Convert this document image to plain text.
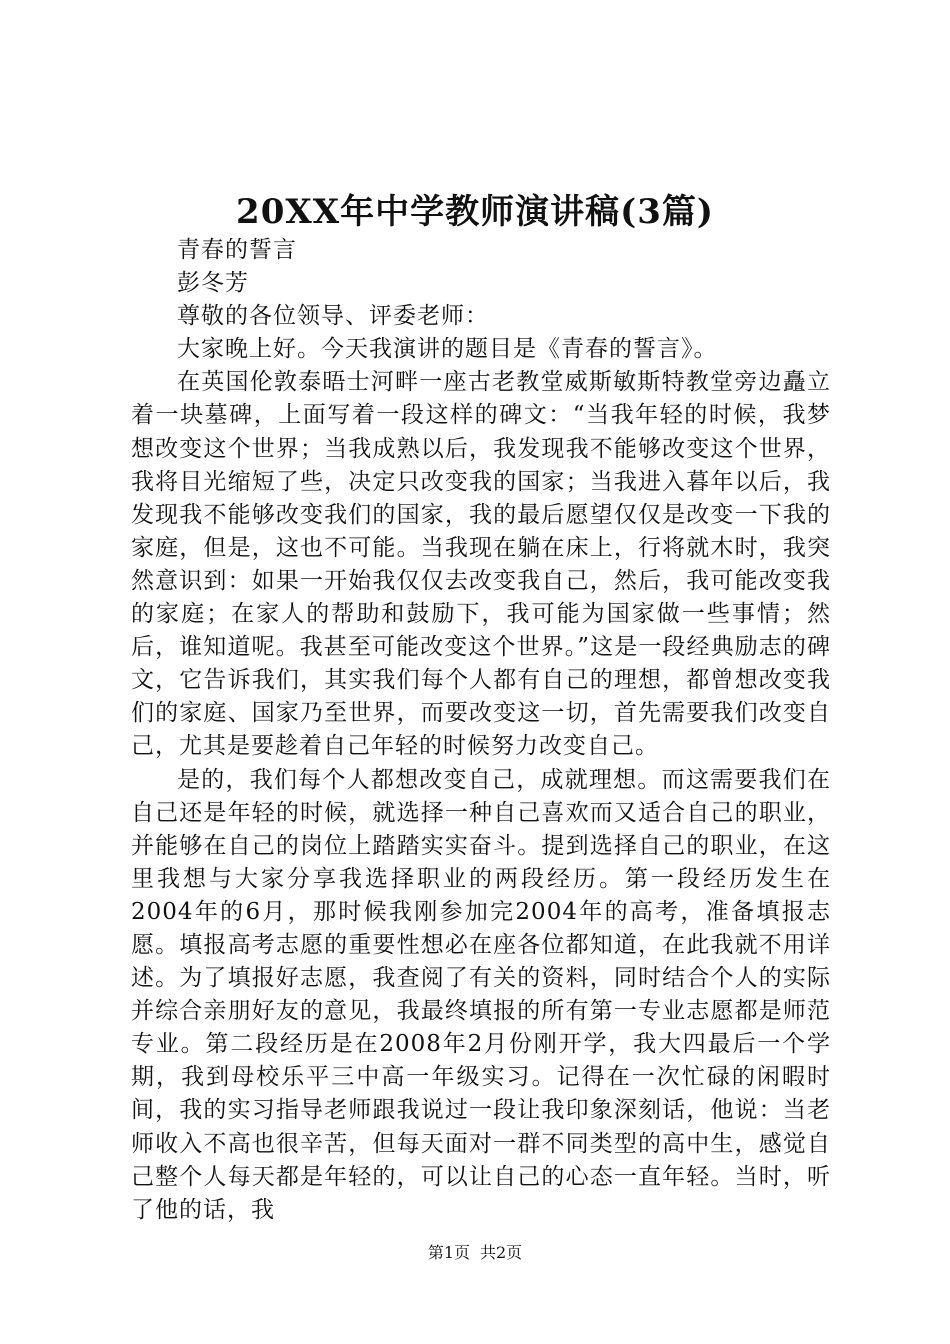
20XX年中学教师演讲稿(3篇)

青春的誓言

彭冬芳

尊敬的各位领导、评委老师：

大家晚上好。今天我演讲的题目是《青春的誓言》。

在英国伦敦泰晤士河畔一座古老教堂威斯敏斯特教堂旁边矗立着一块墓碑，上面写着一段这样的碑文：“当我年轻的时候，我梦想改变这个世界；当我成熟以后，我发现我不能够改变这个世界，我将目光缩短了些，决定只改变我的国家；当我进入暮年以后，我发现我不能够改变我们的国家，我的最后愿望仅仅是改变一下我的家庭，但是，这也不可能。当我现在躺在床上，行将就木时，我突然意识到：如果一开始我仅仅去改变我自己，然后，我可能改变我的家庭；在家人的帮助和鼓励下，我可能为国家做一些事情；然后，谁知道呢。我甚至可能改变这个世界。”这是一段经典励志的碑文，它告诉我们，其实我们每个人都有自己的理想，都曾想改变我们的家庭、国家乃至世界，而要改变这一切，首先需要我们改变自己，尤其是要趁着自己年轻的时候努力改变自己。

是的，我们每个人都想改变自己，成就理想。而这需要我们在自己还是年轻的时候，就选择一种自己喜欢而又适合自己的职业，并能够在自己的岗位上踏踏实实奋斗。提到选择自己的职业，在这里我想与大家分享我选择职业的两段经历。第一段经历发生在2004年的6月，那时候我刚参加完2004年的高考，准备填报志愿。填报高考志愿的重要性想必在座各位都知道，在此我就不用详述。为了填报好志愿，我查阅了有关的资料，同时结合个人的实际并综合亲朋好友的意见，我最终填报的所有第一专业志愿都是师范专业。第二段经历是在2008年2月份刚开学，我大四最后一个学期，我到母校乐平三中高一年级实习。记得在一次忙碌的闲暇时间，我的实习指导老师跟我说过一段让我印象深刻话，他说：当老师收入不高也很辛苦，但每天面对一群不同类型的高中生，感觉自己整个人每天都是年轻的，可以让自己的心态一直年轻。当时，听了他的话，我

第1页 共2页
